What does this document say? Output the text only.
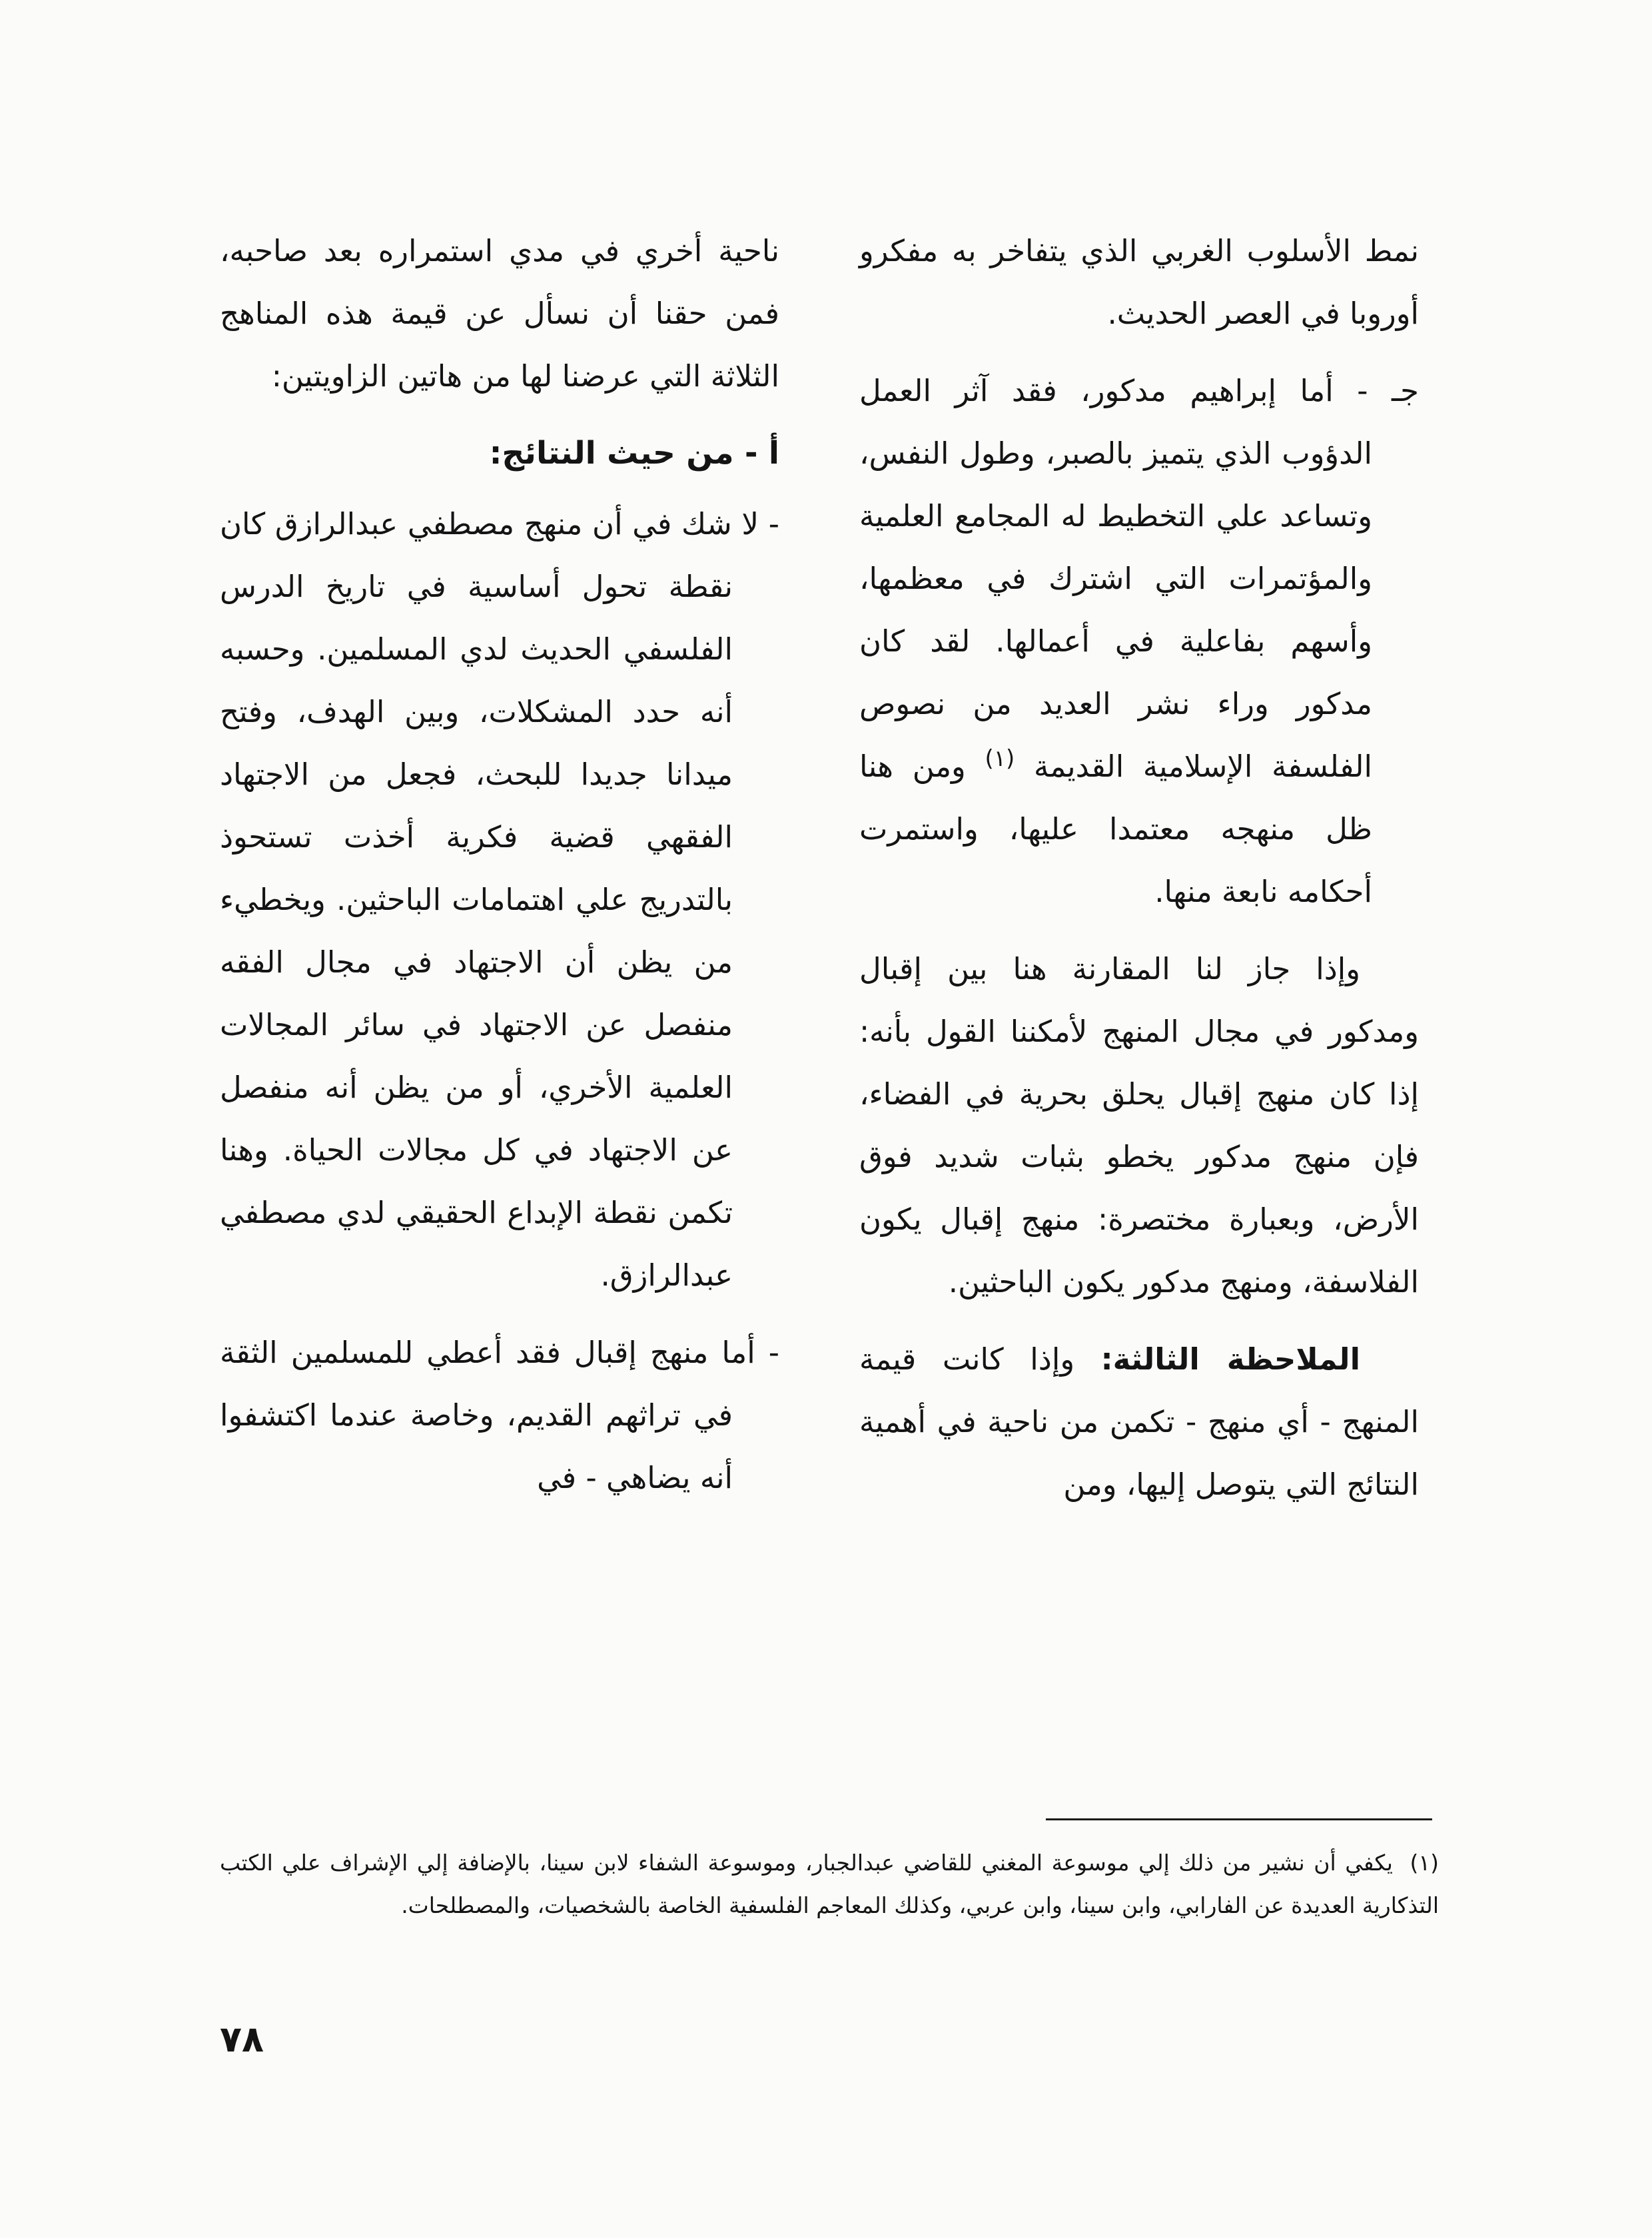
نمط الأسلوب الغربي الذي يتفاخر به مفكرو أوروبا في العصر الحديث.

جـ - أما إبراهيم مدكور، فقد آثر العمل الدؤوب الذي يتميز بالصبر، وطول النفس، وتساعد علي التخطيط له المجامع العلمية والمؤتمرات التي اشترك في معظمها، وأسهم بفاعلية في أعمالها. لقد كان مدكور وراء نشر العديد من نصوص الفلسفة الإسلامية القديمة $^{(١)}$ ومن هنا ظل منهجه معتمدا عليها، واستمرت أحكامه نابعة منها.

وإذا جاز لنا المقارنة هنا بين إقبال ومدكور في مجال المنهج لأمكننا القول بأنه: إذا كان منهج إقبال يحلق بحرية في الفضاء، فإن منهج مدكور يخطو بثبات شديد فوق الأرض، وبعبارة مختصرة: منهج إقبال يكون الفلاسفة، ومنهج مدكور يكون الباحثين.

الملاحظة الثالثة: وإذا كانت قيمة المنهج - أي منهج - تكمن من ناحية في أهمية النتائج التي يتوصل إليها، ومن

ناحية أخري في مدي استمراره بعد صاحبه، فمن حقنا أن نسأل عن قيمة هذه المناهج الثلاثة التي عرضنا لها من هاتين الزاويتين:

أ - من حيث النتائج:

- لا شك في أن منهج مصطفي عبدالرازق كان نقطة تحول أساسية في تاريخ الدرس الفلسفي الحديث لدي المسلمين. وحسبه أنه حدد المشكلات، وبين الهدف، وفتح ميدانا جديدا للبحث، فجعل من الاجتهاد الفقهي قضية فكرية أخذت تستحوذ بالتدريج علي اهتمامات الباحثين. ويخطيء من يظن أن الاجتهاد في مجال الفقه منفصل عن الاجتهاد في سائر المجالات العلمية الأخري، أو من يظن أنه منفصل عن الاجتهاد في كل مجالات الحياة. وهنا تكمن نقطة الإبداع الحقيقي لدي مصطفي عبدالرازق.

- أما منهج إقبال فقد أعطي للمسلمين الثقة في تراثهم القديم، وخاصة عندما اكتشفوا أنه يضاهي - في

(١) يكفي أن نشير من ذلك إلي موسوعة المغني للقاضي عبدالجبار، وموسوعة الشفاء لابن سينا، بالإضافة إلي الإشراف علي الكتب التذكارية العديدة عن الفارابي، وابن سينا، وابن عربي، وكذلك المعاجم الفلسفية الخاصة بالشخصيات، والمصطلحات.
٧٨
